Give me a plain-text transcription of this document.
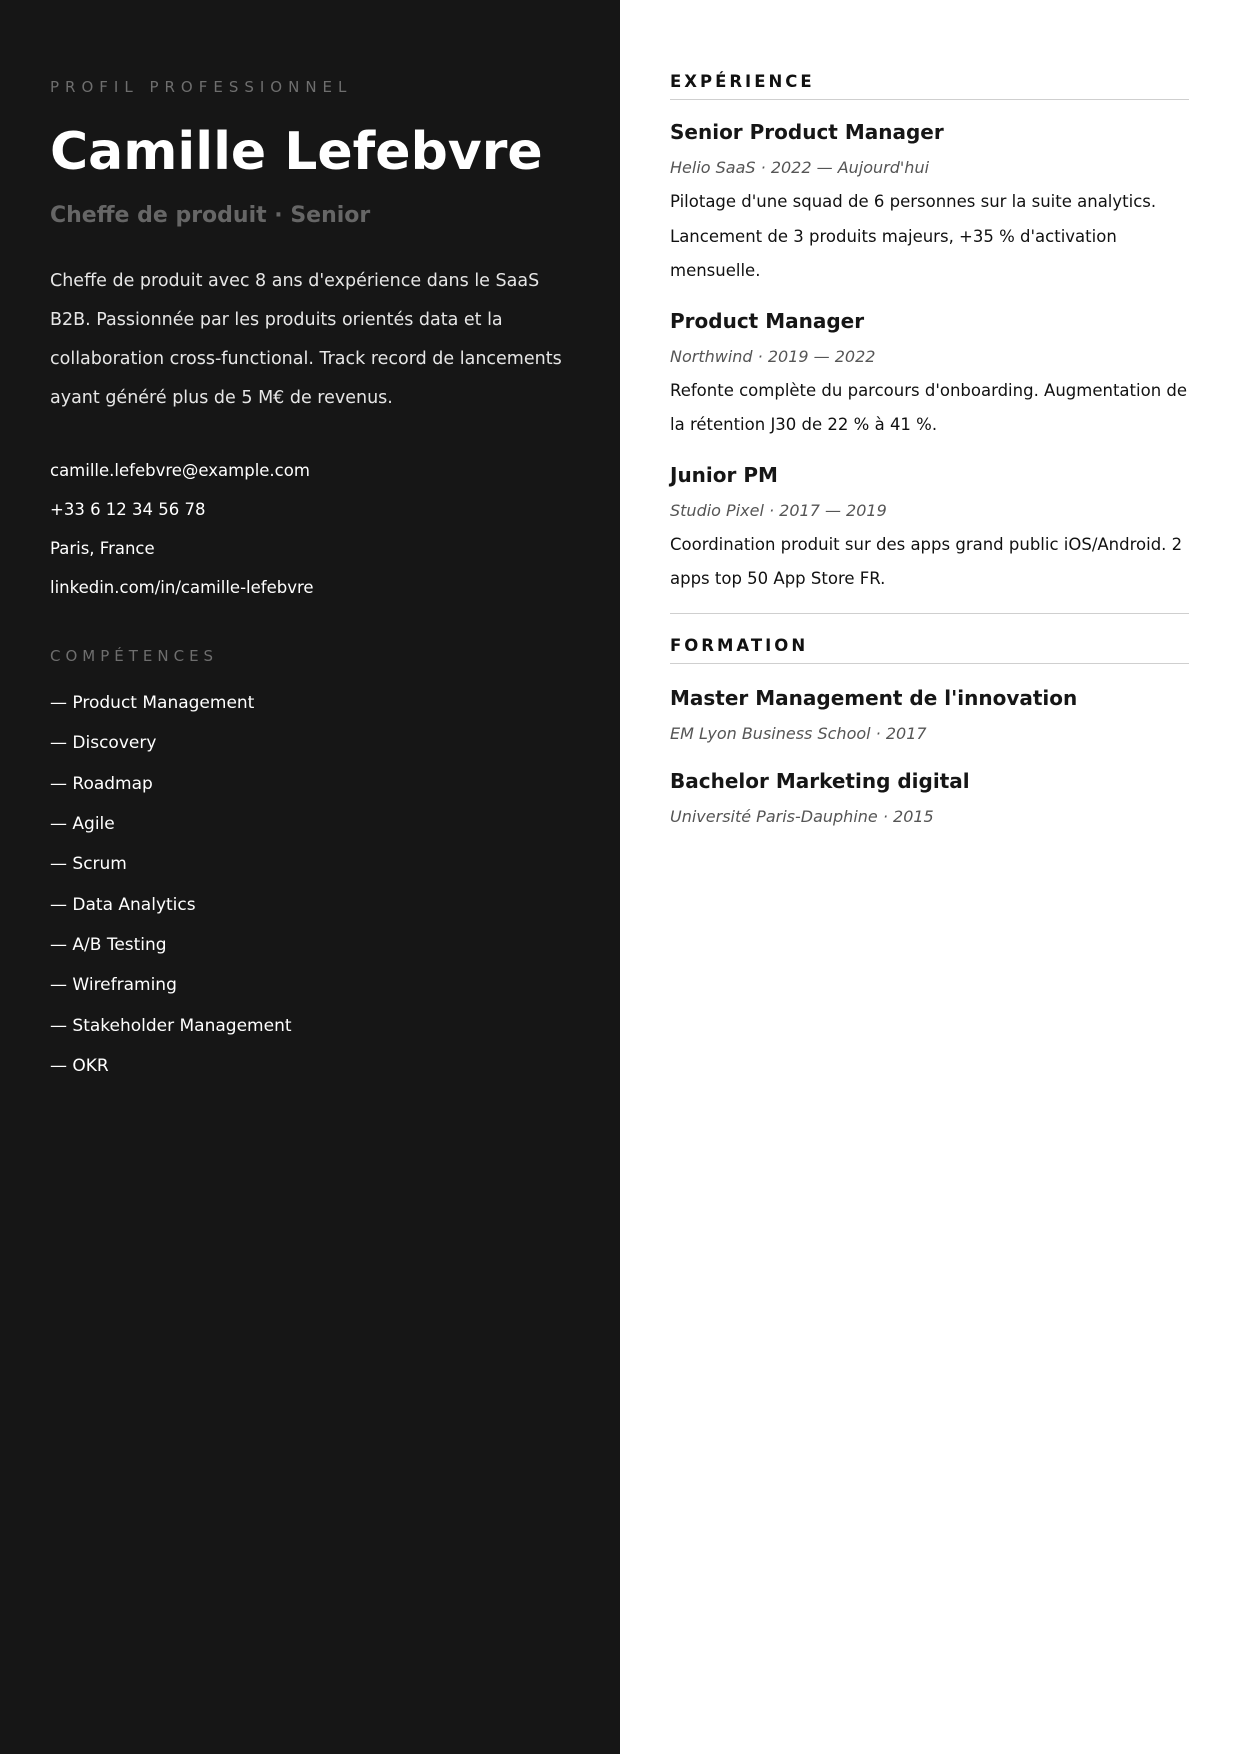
PROFIL PROFESSIONNEL

Camille Lefebvre

Cheffe de produit · Senior

Cheffe de produit avec 8 ans d'expérience dans le SaaS B2B. Passionnée par les produits orientés data et la collaboration cross-functional. Track record de lancements ayant généré plus de 5 M€ de revenus.

camille.lefebvre@example.com
+33 6 12 34 56 78
Paris, France
linkedin.com/in/camille-lefebvre

COMPÉTENCES

— Product Management
— Discovery
— Roadmap
— Agile
— Scrum
— Data Analytics
— A/B Testing
— Wireframing
— Stakeholder Management
— OKR
EXPÉRIENCE
Senior Product Manager

Helio SaaS · 2022 — Aujourd'hui

Pilotage d'une squad de 6 personnes sur la suite analytics. Lancement de 3 produits majeurs, +35 % d'activation mensuelle.

Product Manager

Northwind · 2019 — 2022

Refonte complète du parcours d'onboarding. Augmentation de la rétention J30 de 22 % à 41 %.

Junior PM

Studio Pixel · 2017 — 2019

Coordination produit sur des apps grand public iOS/Android. 2 apps top 50 App Store FR.

FORMATION
Master Management de l'innovation

EM Lyon Business School · 2017

Bachelor Marketing digital

Université Paris-Dauphine · 2015
